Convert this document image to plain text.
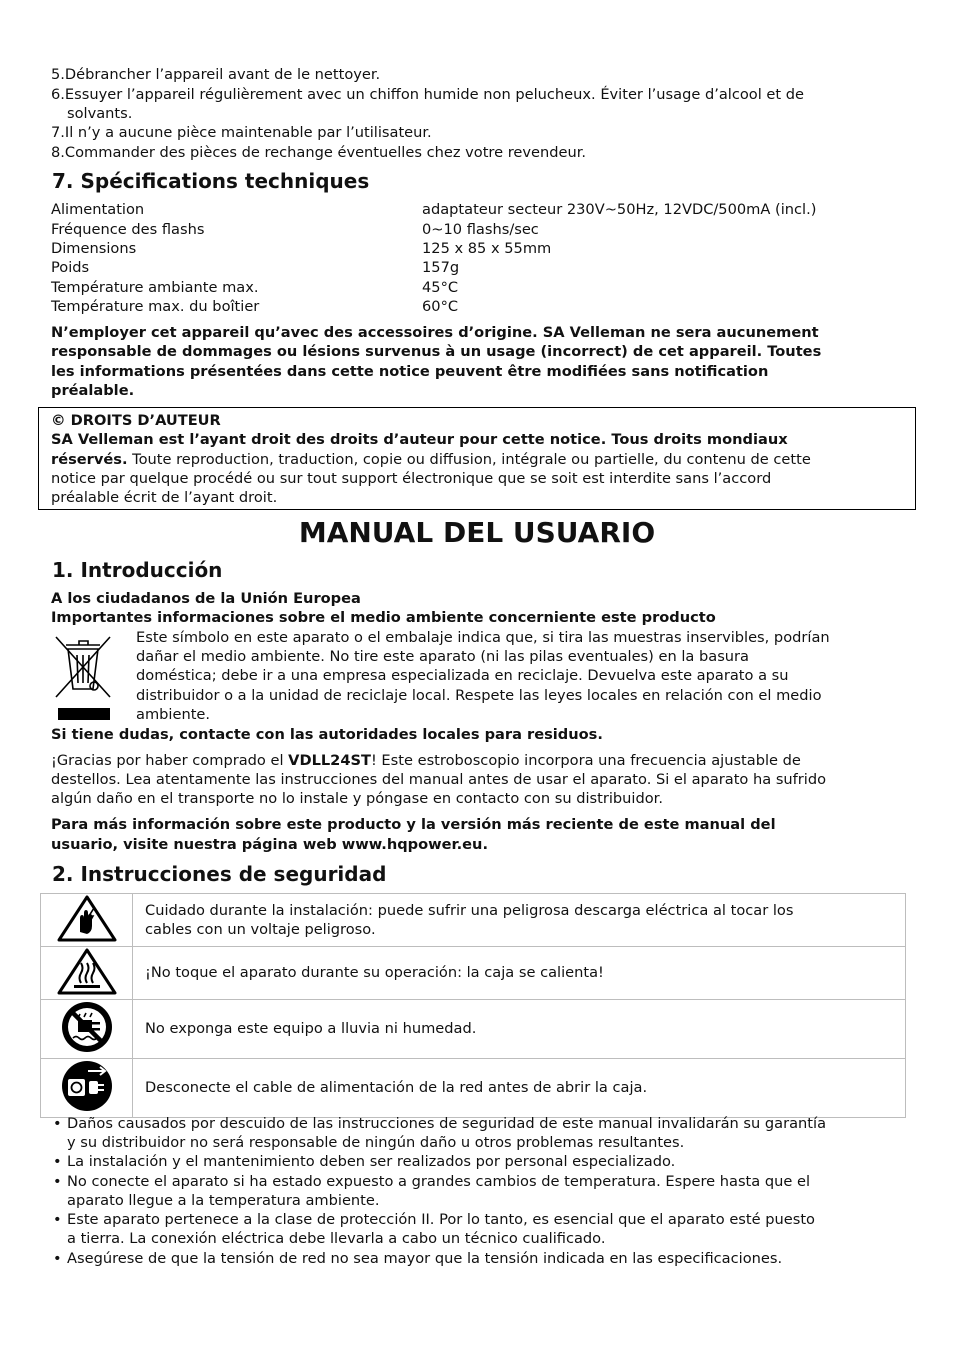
5.Débrancher l’appareil avant de le nettoyer.
6.Essuyer l’appareil régulièrement avec un chiffon humide non pelucheux. Éviter l’usage d’alcool et de
solvants.
7.Il n’y a aucune pièce maintenable par l’utilisateur.
8.Commander des pièces de rechange éventuelles chez votre revendeur.
7. Spécifications techniques
Alimentation	adaptateur secteur 230V~50Hz, 12VDC/500mA (incl.)
Fréquence des flashs	0~10 flashs/sec
Dimensions	125 x 85 x 55mm
Poids	157g
Température ambiante max.	45°C
Température max. du boîtier	60°C
N’employer cet appareil qu’avec des accessoires d’origine. SA Velleman ne sera aucunement
responsable de dommages ou lésions survenus à un usage (incorrect) de cet appareil. Toutes
les informations présentées dans cette notice peuvent être modifiées sans notification
préalable.
© DROITS D’AUTEUR
SA Velleman est l’ayant droit des droits d’auteur pour cette notice. Tous droits mondiaux
réservés. Toute reproduction, traduction, copie ou diffusion, intégrale ou partielle, du contenu de cette
notice par quelque procédé ou sur tout support électronique que se soit est interdite sans l’accord
préalable écrit de l’ayant droit.
MANUAL DEL USUARIO
1. Introducción
A los ciudadanos de la Unión Europea
Importantes informaciones sobre el medio ambiente concerniente este producto
Este símbolo en este aparato o el embalaje indica que, si tira las muestras inservibles, podrían
dañar el medio ambiente. No tire este aparato (ni las pilas eventuales) en la basura
doméstica; debe ir a una empresa especializada en reciclaje. Devuelva este aparato a su
distribuidor o a la unidad de reciclaje local. Respete las leyes locales en relación con el medio
ambiente.
Si tiene dudas, contacte con las autoridades locales para residuos.
¡Gracias por haber comprado el VDLL24ST! Este estroboscopio incorpora una frecuencia ajustable de
destellos. Lea atentamente las instrucciones del manual antes de usar el aparato. Si el aparato ha sufrido
algún daño en el transporte no lo instale y póngase en contacto con su distribuidor.
Para más información sobre este producto y la versión más reciente de este manual del
usuario, visite nuestra página web www.hqpower.eu.
2. Instrucciones de seguridad

Cuidado durante la instalación: puede sufrir una peligrosa descarga eléctrica al tocar los
cables con un voltaje peligroso.

¡No toque el aparato durante su operación: la caja se calienta!

No exponga este equipo a lluvia ni humedad.

Desconecte el cable de alimentación de la red antes de abrir la caja.
• Daños causados por descuido de las instrucciones de seguridad de este manual invalidarán su garantía
y su distribuidor no será responsable de ningún daño u otros problemas resultantes.
• La instalación y el mantenimiento deben ser realizados por personal especializado.
• No conecte el aparato si ha estado expuesto a grandes cambios de temperatura. Espere hasta que el
aparato llegue a la temperatura ambiente.
• Este aparato pertenece a la clase de protección II. Por lo tanto, es esencial que el aparato esté puesto
a tierra. La conexión eléctrica debe llevarla a cabo un técnico cualificado.
• Asegúrese de que la tensión de red no sea mayor que la tensión indicada en las especificaciones.
